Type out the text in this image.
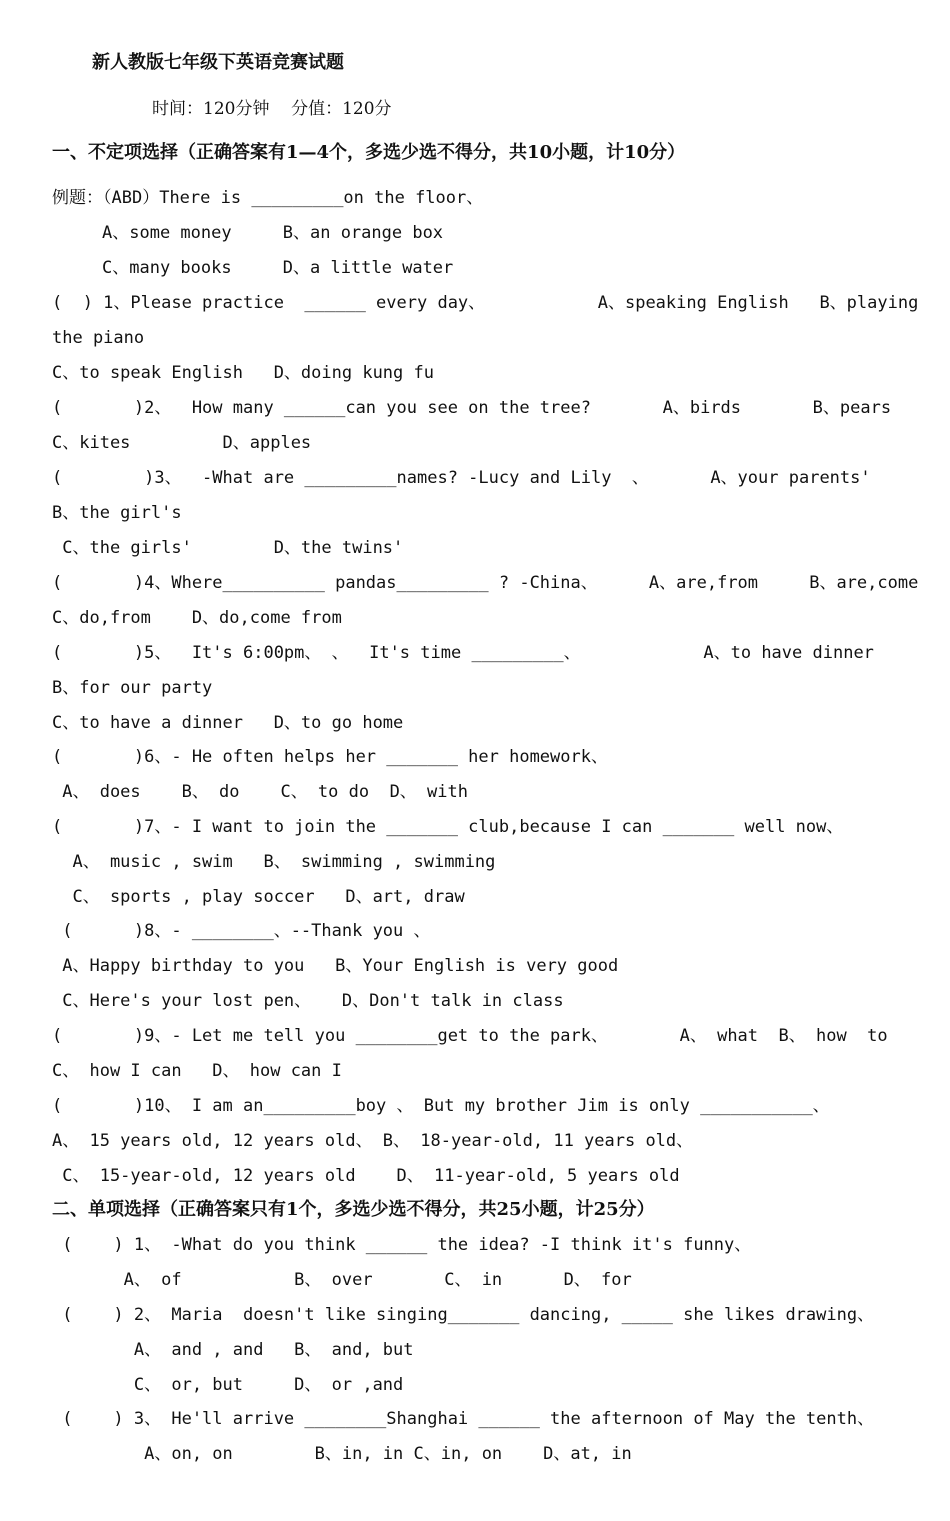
新人教版七年级下英语竞赛试题
时间：120分钟    分值：120分
一、不定项选择（正确答案有1—4个，多选少选不得分，共10小题，计10分）
例题：（ABD）There is _________on the floor、
A、some money     B、an orange box
C、many books     D、a little water
(  ) 1、Please practice  ______ every day、           A、speaking English   B、playing
the piano
C、to speak English   D、doing kung fu
(       )2、  How many ______can you see on the tree?       A、birds       B、pears
C、kites         D、apples
(        )3、  -What are _________names? -Lucy and Lily  、      A、your parents'
B、the girl's
C、the girls'        D、the twins'
(       )4、Where__________ pandas_________ ? -China、     A、are,from     B、are,come
C、do,from    D、do,come from
(       )5、  It's 6:00pm、 、  It's time _________、            A、to have dinner
B、for our party
C、to have a dinner   D、to go home
(       )6、- He often helps her _______ her homework、
A、 does    B、 do    C、 to do  D、 with
(       )7、- I want to join the _______ club,because I can _______ well now、
A、 music , swim   B、 swimming , swimming
C、 sports , play soccer   D、art, draw
(      )8、- ________、--Thank you 、
A、Happy birthday to you   B、Your English is very good
C、Here's your lost pen、   D、Don't talk in class
(       )9、- Let me tell you ________get to the park、       A、 what  B、 how  to
C、 how I can   D、 how can I
(       )10、 I am an_________boy 、 But my brother Jim is only ___________、
A、 15 years old, 12 years old、 B、 18-year-old, 11 years old、
C、 15-year-old, 12 years old    D、 11-year-old, 5 years old
二、单项选择（正确答案只有1个，多选少选不得分，共25小题，计25分）
(    ) 1、 -What do you think ______ the idea? -I think it's funny、
A、 of           B、 over       C、 in      D、 for
(    ) 2、 Maria  doesn't like singing_______ dancing, _____ she likes drawing、
A、 and , and   B、 and, but
C、 or, but     D、 or ,and
(    ) 3、 He'll arrive ________Shanghai ______ the afternoon of May the tenth、
A、on, on        B、in, in C、in, on    D、at, in
